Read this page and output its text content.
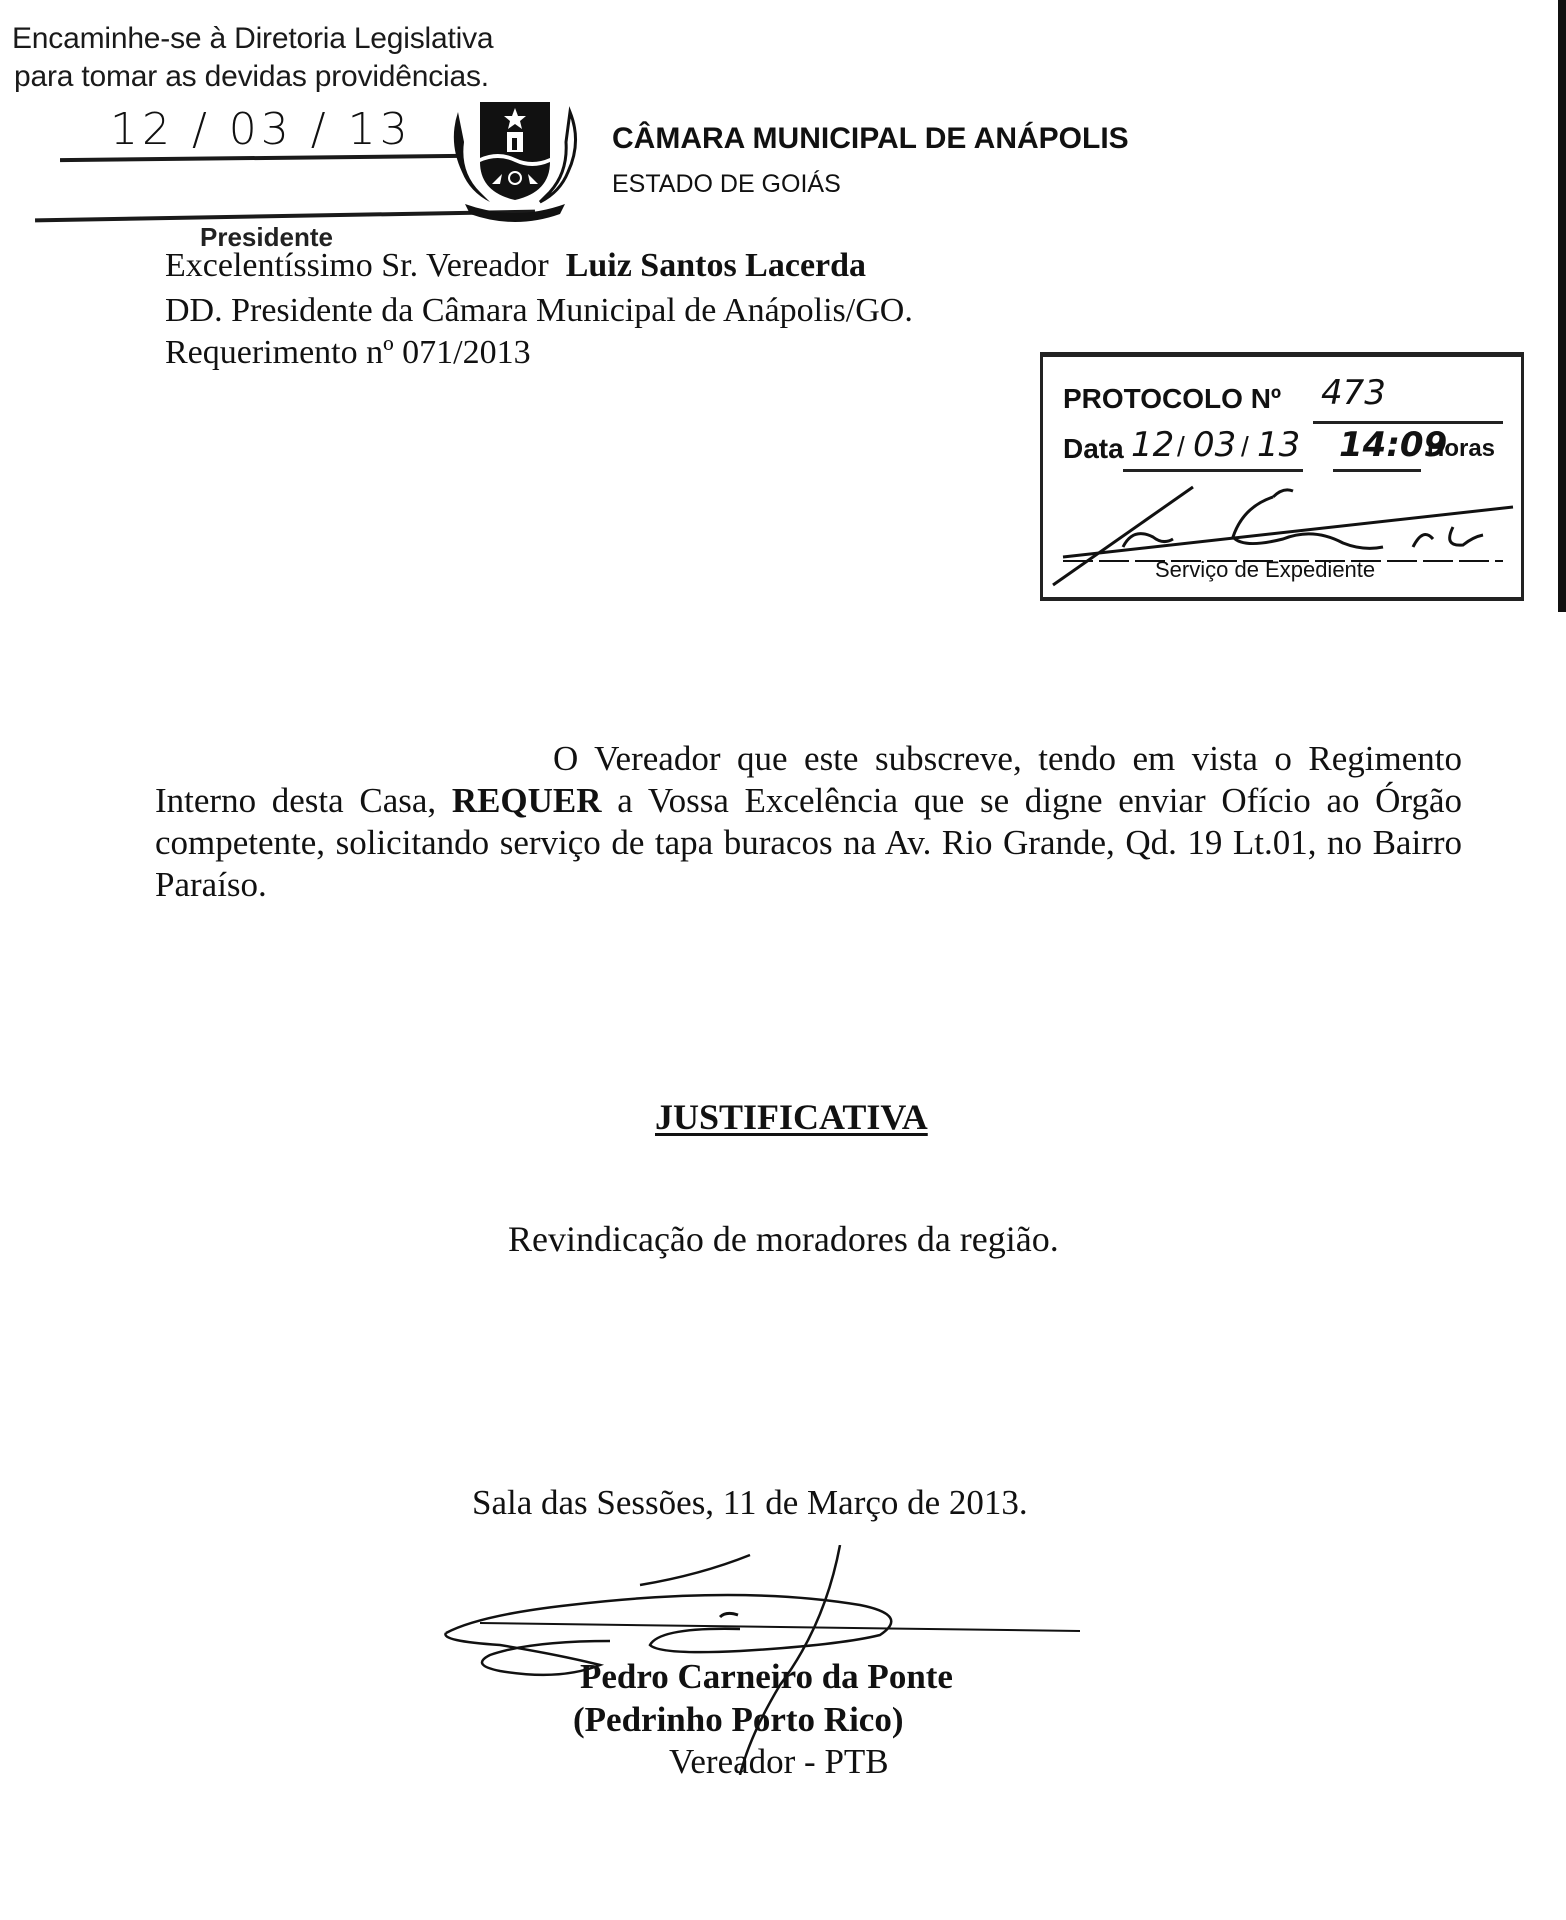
Encaminhe-se à Diretoria Legislativa
para tomar as devidas providências.
12 / 03 / 13
Presidente
CÂMARA MUNICIPAL DE ANÁPOLIS
ESTADO DE GOIÁS
Excelentíssimo Sr. Vereador Luiz Santos Lacerda
DD. Presidente da Câmara Municipal de Anápolis/GO.
Requerimento nº 071/2013
PROTOCOLO Nº 473
Data 12 / 03 / 13 14:09
Horas
Serviço de Expediente
O Vereador que este subscreve, tendo em vista o Regimento Interno desta Casa, REQUER a Vossa Excelência que se digne enviar Ofício ao Órgão competente, solicitando serviço de tapa buracos na Av. Rio Grande, Qd. 19 Lt.01, no Bairro Paraíso.
JUSTIFICATIVA
Revindicação de moradores da região.
Sala das Sessões, 11 de Março de 2013.
Pedro Carneiro da Ponte
(Pedrinho Porto Rico)
Vereador - PTB
